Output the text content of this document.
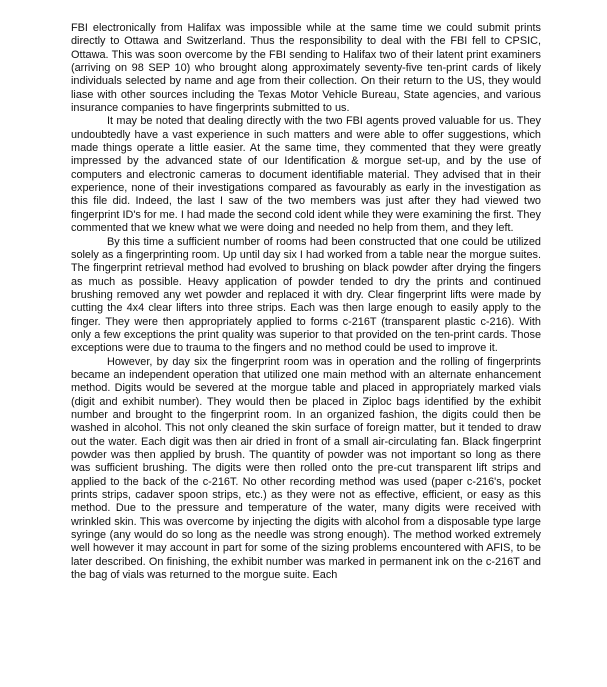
FBI electronically from Halifax was impossible while at the same time we could submit prints directly to Ottawa and Switzerland. Thus the responsibility to deal with the FBI fell to CPSIC, Ottawa. This was soon overcome by the FBI sending to Halifax two of their latent print examiners (arriving on 98 SEP 10) who brought along approximately seventy-five ten-print cards of likely individuals selected by name and age from their collection. On their return to the US, they would liase with other sources including the Texas Motor Vehicle Bureau, State agencies, and various insurance companies to have fingerprints submitted to us.

It may be noted that dealing directly with the two FBI agents proved valuable for us. They undoubtedly have a vast experience in such matters and were able to offer suggestions, which made things operate a little easier. At the same time, they commented that they were greatly impressed by the advanced state of our Identification & morgue set-up, and by the use of computers and electronic cameras to document identifiable material. They advised that in their experience, none of their investigations compared as favourably as early in the investigation as this file did. Indeed, the last I saw of the two members was just after they had viewed two fingerprint ID's for me. I had made the second cold ident while they were examining the first. They commented that we knew what we were doing and needed no help from them, and they left.

By this time a sufficient number of rooms had been constructed that one could be utilized solely as a fingerprinting room. Up until day six I had worked from a table near the morgue suites. The fingerprint retrieval method had evolved to brushing on black powder after drying the fingers as much as possible. Heavy application of powder tended to dry the prints and continued brushing removed any wet powder and replaced it with dry. Clear fingerprint lifts were made by cutting the 4x4 clear lifters into three strips. Each was then large enough to easily apply to the finger. They were then appropriately applied to forms c-216T (transparent plastic c-216). With only a few exceptions the print quality was superior to that provided on the ten-print cards. Those exceptions were due to trauma to the fingers and no method could be used to improve it.

However, by day six the fingerprint room was in operation and the rolling of fingerprints became an independent operation that utilized one main method with an alternate enhancement method. Digits would be severed at the morgue table and placed in appropriately marked vials (digit and exhibit number). They would then be placed in Ziploc bags identified by the exhibit number and brought to the fingerprint room. In an organized fashion, the digits could then be washed in alcohol. This not only cleaned the skin surface of foreign matter, but it tended to draw out the water. Each digit was then air dried in front of a small air-circulating fan. Black fingerprint powder was then applied by brush. The quantity of powder was not important so long as there was sufficient brushing. The digits were then rolled onto the pre-cut transparent lift strips and applied to the back of the c-216T. No other recording method was used (paper c-216's, pocket prints strips, cadaver spoon strips, etc.) as they were not as effective, efficient, or easy as this method. Due to the pressure and temperature of the water, many digits were received with wrinkled skin. This was overcome by injecting the digits with alcohol from a disposable type large syringe (any would do so long as the needle was strong enough). The method worked extremely well however it may account in part for some of the sizing problems encountered with AFIS, to be later described. On finishing, the exhibit number was marked in permanent ink on the c-216T and the bag of vials was returned to the morgue suite. Each
